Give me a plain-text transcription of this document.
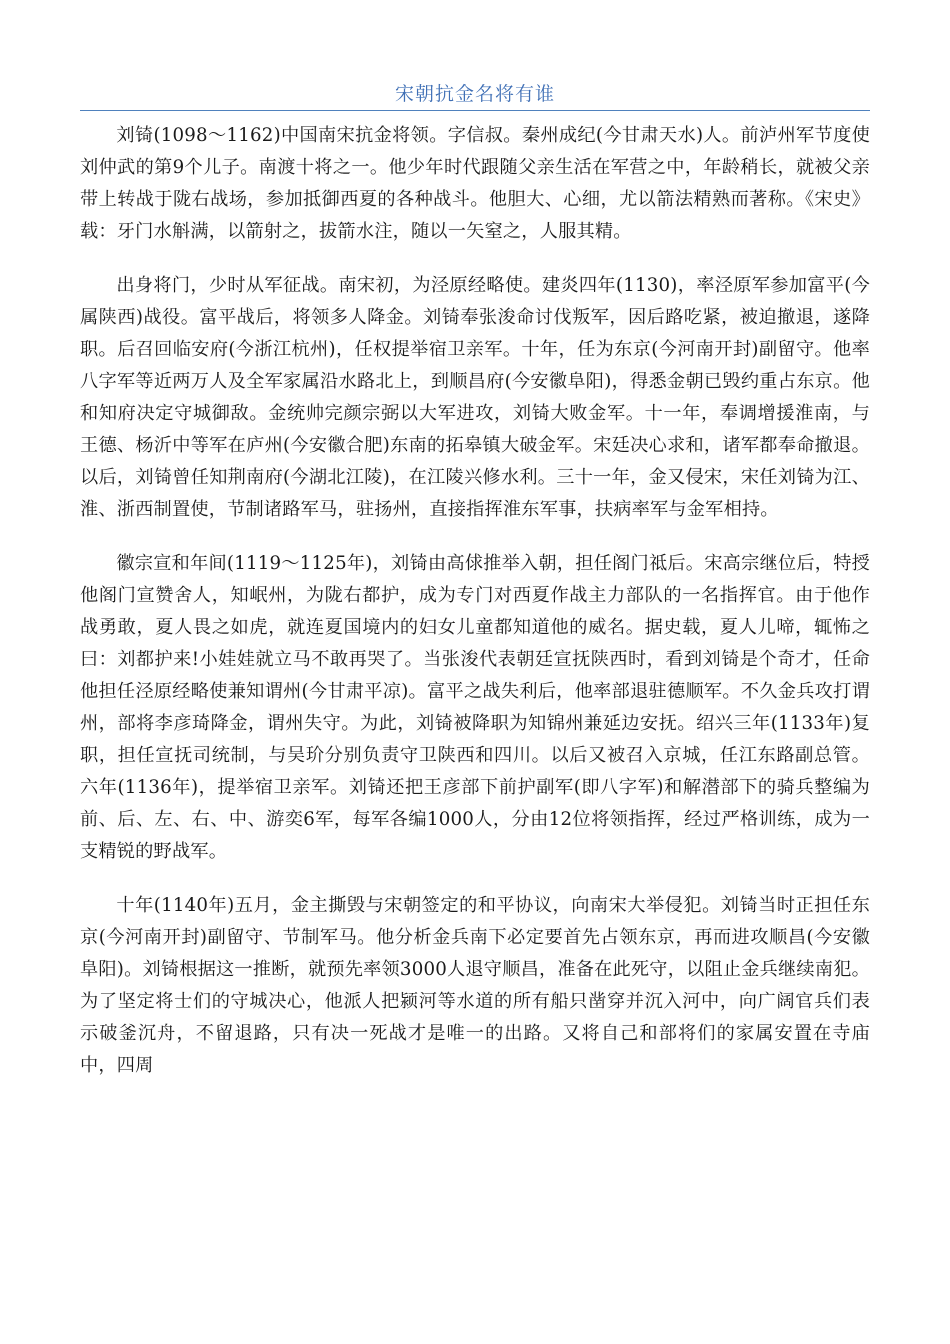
宋朝抗金名将有谁

刘锜(1098～1162)中国南宋抗金将领。字信叔。秦州成纪(今甘肃天水)人。前泸州军节度使刘仲武的第9个儿子。南渡十将之一。他少年时代跟随父亲生活在军营之中，年龄稍长，就被父亲带上转战于陇右战场，参加抵御西夏的各种战斗。他胆大、心细，尤以箭法精熟而著称。《宋史》载：牙门水斛满，以箭射之，拔箭水注，随以一矢窒之，人服其精。

出身将门，少时从军征战。南宋初，为泾原经略使。建炎四年(1130)，率泾原军参加富平(今属陕西)战役。富平战后，将领多人降金。刘锜奉张浚命讨伐叛军，因后路吃紧，被迫撤退，遂降职。后召回临安府(今浙江杭州)，任权提举宿卫亲军。十年，任为东京(今河南开封)副留守。他率八字军等近两万人及全军家属沿水路北上，到顺昌府(今安徽阜阳)，得悉金朝已毁约重占东京。他和知府决定守城御敌。金统帅完颜宗弼以大军进攻，刘锜大败金军。十一年，奉调增援淮南，与王德、杨沂中等军在庐州(今安徽合肥)东南的拓皋镇大破金军。宋廷决心求和，诸军都奉命撤退。以后，刘锜曾任知荆南府(今湖北江陵)，在江陵兴修水利。三十一年，金又侵宋，宋任刘锜为江、淮、浙西制置使，节制诸路军马，驻扬州，直接指挥淮东军事，扶病率军与金军相持。

徽宗宣和年间(1119～1125年)，刘锜由高俅推举入朝，担任阁门祗后。宋高宗继位后，特授他阁门宣赞舍人，知岷州，为陇右都护，成为专门对西夏作战主力部队的一名指挥官。由于他作战勇敢，夏人畏之如虎，就连夏国境内的妇女儿童都知道他的威名。据史载，夏人儿啼，辄怖之曰：刘都护来!小娃娃就立马不敢再哭了。当张浚代表朝廷宣抚陕西时，看到刘锜是个奇才，任命他担任泾原经略使兼知谓州(今甘肃平凉)。富平之战失利后，他率部退驻德顺军。不久金兵攻打谓州，部将李彦琦降金，谓州失守。为此，刘锜被降职为知锦州兼延边安抚。绍兴三年(1133年)复职，担任宣抚司统制，与吴玠分别负责守卫陕西和四川。以后又被召入京城，任江东路副总管。六年(1136年)，提举宿卫亲军。刘锜还把王彦部下前护副军(即八字军)和解潜部下的骑兵整编为前、后、左、右、中、游奕6军，每军各编1000人，分由12位将领指挥，经过严格训练，成为一支精锐的野战军。

十年(1140年)五月，金主撕毁与宋朝签定的和平协议，向南宋大举侵犯。刘锜当时正担任东京(今河南开封)副留守、节制军马。他分析金兵南下必定要首先占领东京，再而进攻顺昌(今安徽阜阳)。刘锜根据这一推断，就预先率领3000人退守顺昌，准备在此死守，以阻止金兵继续南犯。为了坚定将士们的守城决心，他派人把颍河等水道的所有船只凿穿并沉入河中，向广阔官兵们表示破釜沉舟，不留退路，只有决一死战才是唯一的出路。又将自己和部将们的家属安置在寺庙中，四周
